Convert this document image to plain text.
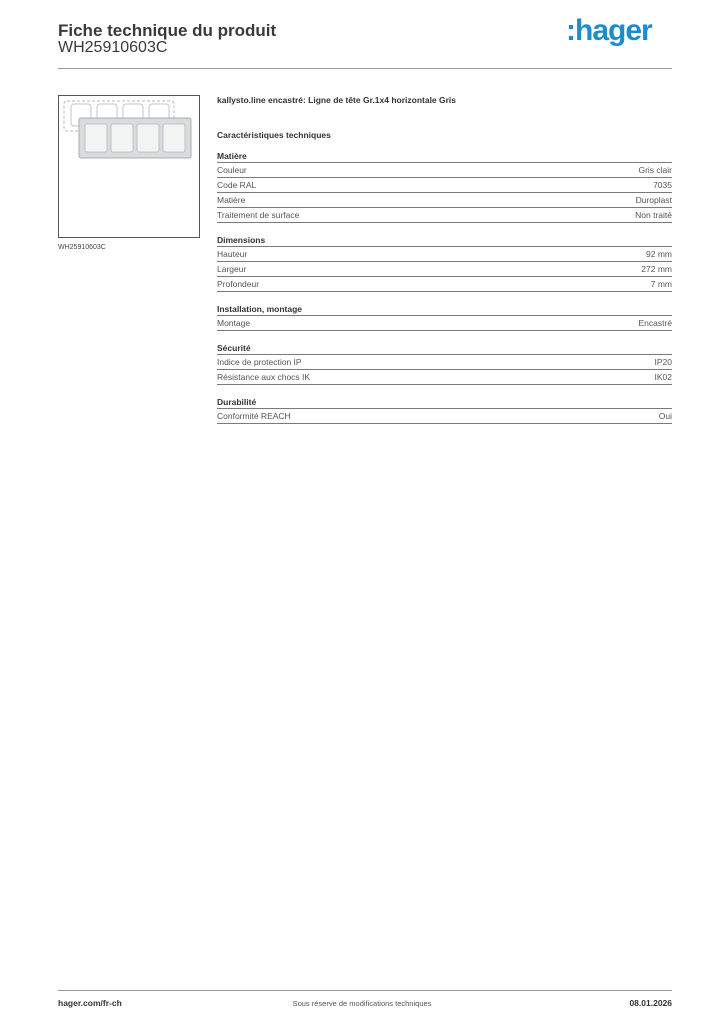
Fiche technique du produit
WH25910603C
:hager
WH25910603C
kallysto.line encastré: Ligne de tête Gr.1x4 horizontale Gris
Caractéristiques techniques
Matière
Couleur	Gris clair
Code RAL	7035
Matière	Duroplast
Traitement de surface	Non traité
Dimensions
Hauteur	92 mm
Largeur	272 mm
Profondeur	7 mm
Installation, montage
Montage	Encastré
Sécurité
Indice de protection IP	IP20
Résistance aux chocs IK	IK02
Durabilité
Conformité REACH	Oui
hager.com/fr-ch	Sous réserve de modifications techniques	08.01.2026
